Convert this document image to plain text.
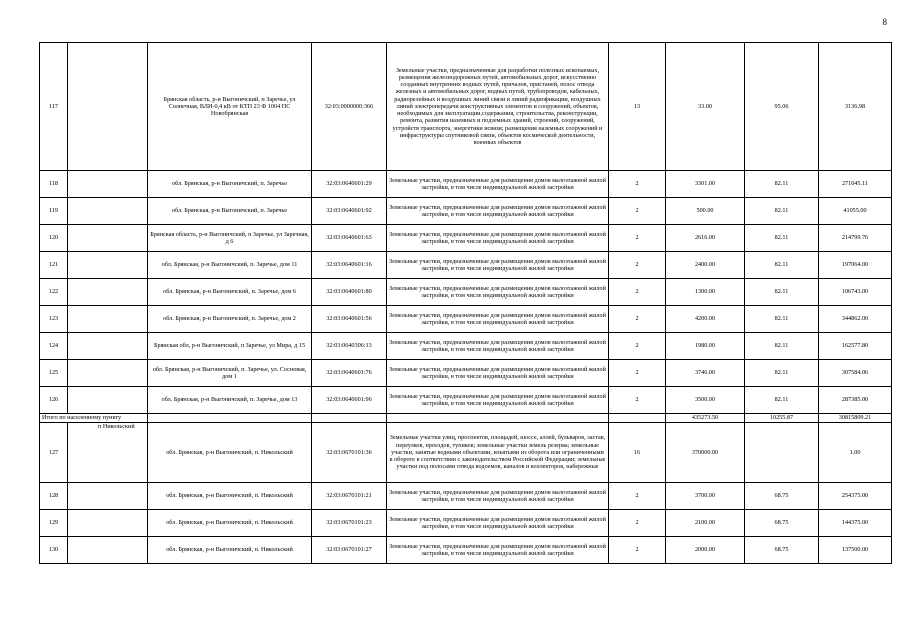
8
117		Брянская область, р-н Выгоничский, п Заречье, ул Солнечная, ВЛИ-0,4 кВ от КТП 23 Ф 1004 ПС Новобрянская	32:03:0000000:366	Земельные участки, предназначенные для разработки полезных ископаемых, размещения железнодорожных путей, автомобильных дорог, искусственно созданных внутренних водных путей, причалов, пристаней, полос отвода железных и автомобильных дорог, водных путей, трубопроводов, кабельных, радиорелейных и воздушных линий связи и линий радиофикации, воздушных линий электропередачи конструктивных элементов и сооружений, объектов, необходимых для эксплуатации,содержания, строительства, реконструкции, ремонта, развития наземных и подземных зданий, строений, сооружений, устройств транспорта, энергетики исвязи; размещения наземных сооружений и инфраструктуры спутниковой связи, объектов космической деятельности, военных объектов	13	33.00	95.06	3136.98
118		обл. Брянская, р-н Выгоничский, п. Заречье	32:03:0640601:29	Земельные участки, предназначенные для размещения домов малоэтажной жилой застройки, в том числе индивидуальной жилой застройки	2	3301.00	82.11	271045.11
119		обл. Брянская, р-н Выгоничский, п. Заречье	32:03:0640601:92	Земельные участки, предназначенные для размещения домов малоэтажной жилой застройки, в том числе индивидуальной жилой застройки	2	500.00	82.11	41055.00
120		Брянская область, р-н Выгоничский, п Заречье, ул Заречная, д 6	32:03:0640601:63	Земельные участки, предназначенные для размещения домов малоэтажной жилой застройки, в том числе индивидуальной жилой застройки	2	2616.00	82.11	214799.76
121		обл. Брянская, р-н Выгоничский, п. Заречье, дом 11	32:03:0640601:16	Земельные участки, предназначенные для размещения домов малоэтажной жилой застройки, в том числе индивидуальной жилой застройки	2	2400.00	82.11	197064.00
122		обл. Брянская, р-н Выгоничский, п. Заречье, дом 6	32:03:0640601:80	Земельные участки, предназначенные для размещения домов малоэтажной жилой застройки, в том числе индивидуальной жилой застройки	2	1300.00	82.11	106743.00
123		обл. Брянская, р-н Выгоничский, п. Заречье, дом 2	32:03:0640601:56	Земельные участки, предназначенные для размещения домов малоэтажной жилой застройки, в том числе индивидуальной жилой застройки	2	4200.00	82.11	344862.00
124		Брянская обл, р-н Выгоничский, п Заречье, ул Мира, д 15	32:03:0640306:13	Земельные участки, предназначенные для размещения домов малоэтажной жилой застройки, в том числе индивидуальной жилой застройки	2	1980.00	82.11	162577.80
125		обл. Брянская, р-н Выгоничский, п. Заречье, ул. Сосновая, дом 1	32:03:0640601:76	Земельные участки, предназначенные для размещения домов малоэтажной жилой застройки, в том числе индивидуальной жилой застройки	2	3746.00	82.11	307584.06
126		обл. Брянская, р-н Выгоничский, п. Заречье, дом 13	32:03:0640601:96	Земельные участки, предназначенные для размещения домов малоэтажной жилой застройки, в том числе индивидуальной жилой застройки	2	3500.00	82.11	287385.00
Итого по населенному пункту						435273.50	10255.87	30815809.21
127	п Никольский	обл. Брянская, р-н Выгоничский, п. Никольский	32:03:0670101:36	Земельные участки улиц, проспектов, площадей, шоссе, аллей, бульваров, застав, переулков, проездов, тупиков; земельные участки земель резерва; земельные участки, занятые водными объектами, изъятыми из оборота или ограниченными в обороте в соответствии с законодательством Российской Федерации; земельные участки под полосами отвода водоемов, каналов и коллекторов, набережные	16	370000.00		1.00
128		обл. Брянская, р-н Выгоничский, п. Никольский	32:03:0670101:21	Земельные участки, предназначенные для размещения домов малоэтажной жилой застройки, в том числе индивидуальной жилой застройки	2	3700.00	68.75	254375.00
129		обл. Брянская, р-н Выгоничский, п. Никольский	32:03:0670101:23	Земельные участки, предназначенные для размещения домов малоэтажной жилой застройки, в том числе индивидуальной жилой застройки	2	2100.00	68.75	144375.00
130		обл. Брянская, р-н Выгоничский, п. Никольский	32:03:0670101:27	Земельные участки, предназначенные для размещения домов малоэтажной жилой застройки, в том числе индивидуальной жилой застройки	2	2000.00	68.75	137500.00
